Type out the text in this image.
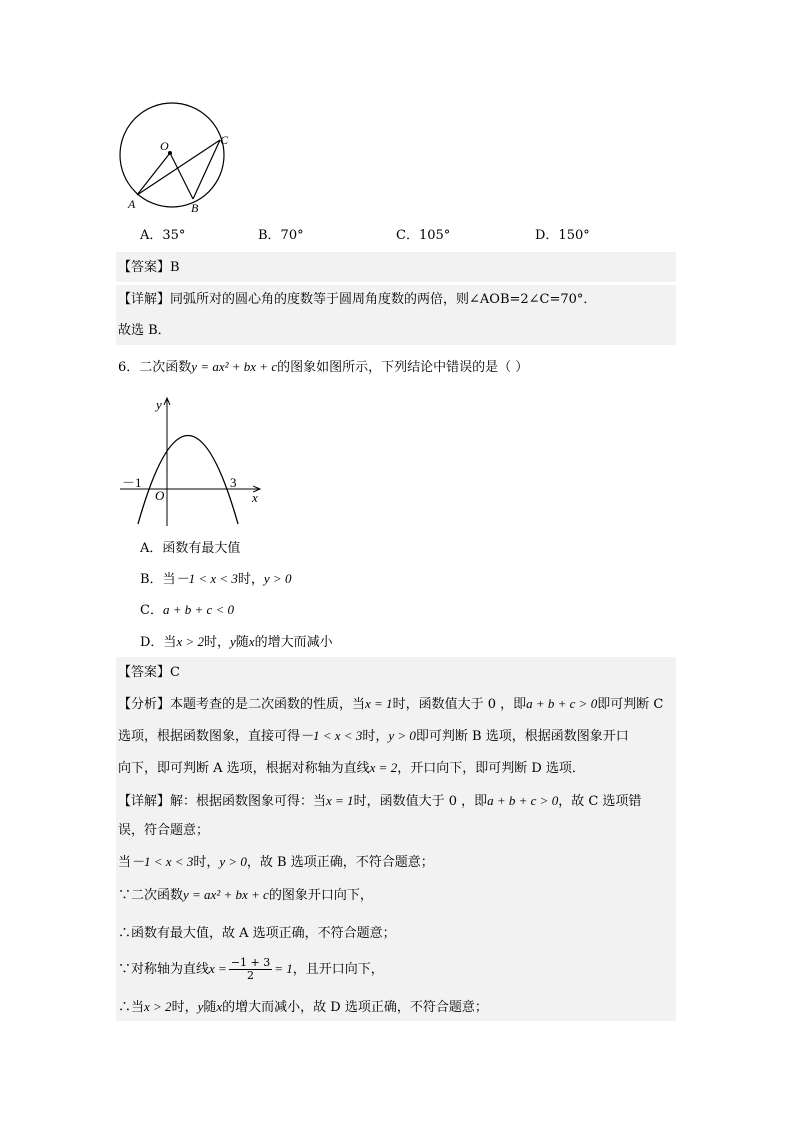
O	C
A	B
A．35°	B．70°	C．105°	D．150°
【答案】B
【详解】同弧所对的圆心角的度数等于圆周角度数的两倍，则∠AOB=2∠C=70°．
故选 B．
6．二次函数y = ax² + bx + c的图象如图所示，下列结论中错误的是（ ）
y
x
O
－1	3
A．函数有最大值
B．当－1 < x < 3时，y > 0
C．a + b + c < 0
D．当x > 2时，y随x的增大而减小
【答案】C
【分析】本题考查的是二次函数的性质，当x = 1时，函数值大于 0 ，即a + b + c > 0即可判断 C
选项，根据函数图象，直接可得－1 < x < 3时，y > 0即可判断 B 选项，根据函数图象开口
向下，即可判断 A 选项，根据对称轴为直线x = 2，开口向下，即可判断 D 选项．
【详解】解：根据函数图象可得：当x = 1时，函数值大于 0 ，即a + b + c > 0，故 C 选项错
误，符合题意；
当－1 < x < 3时，y > 0，故 B 选项正确，不符合题意；
∵二次函数y = ax² + bx + c的图象开口向下，
∴函数有最大值，故 A 选项正确，不符合题意；
∵对称轴为直线$x = \frac{-1 + 3}{2} = 1$，且开口向下，
∴当x > 2时，y随x的增大而减小，故 D 选项正确，不符合题意；
